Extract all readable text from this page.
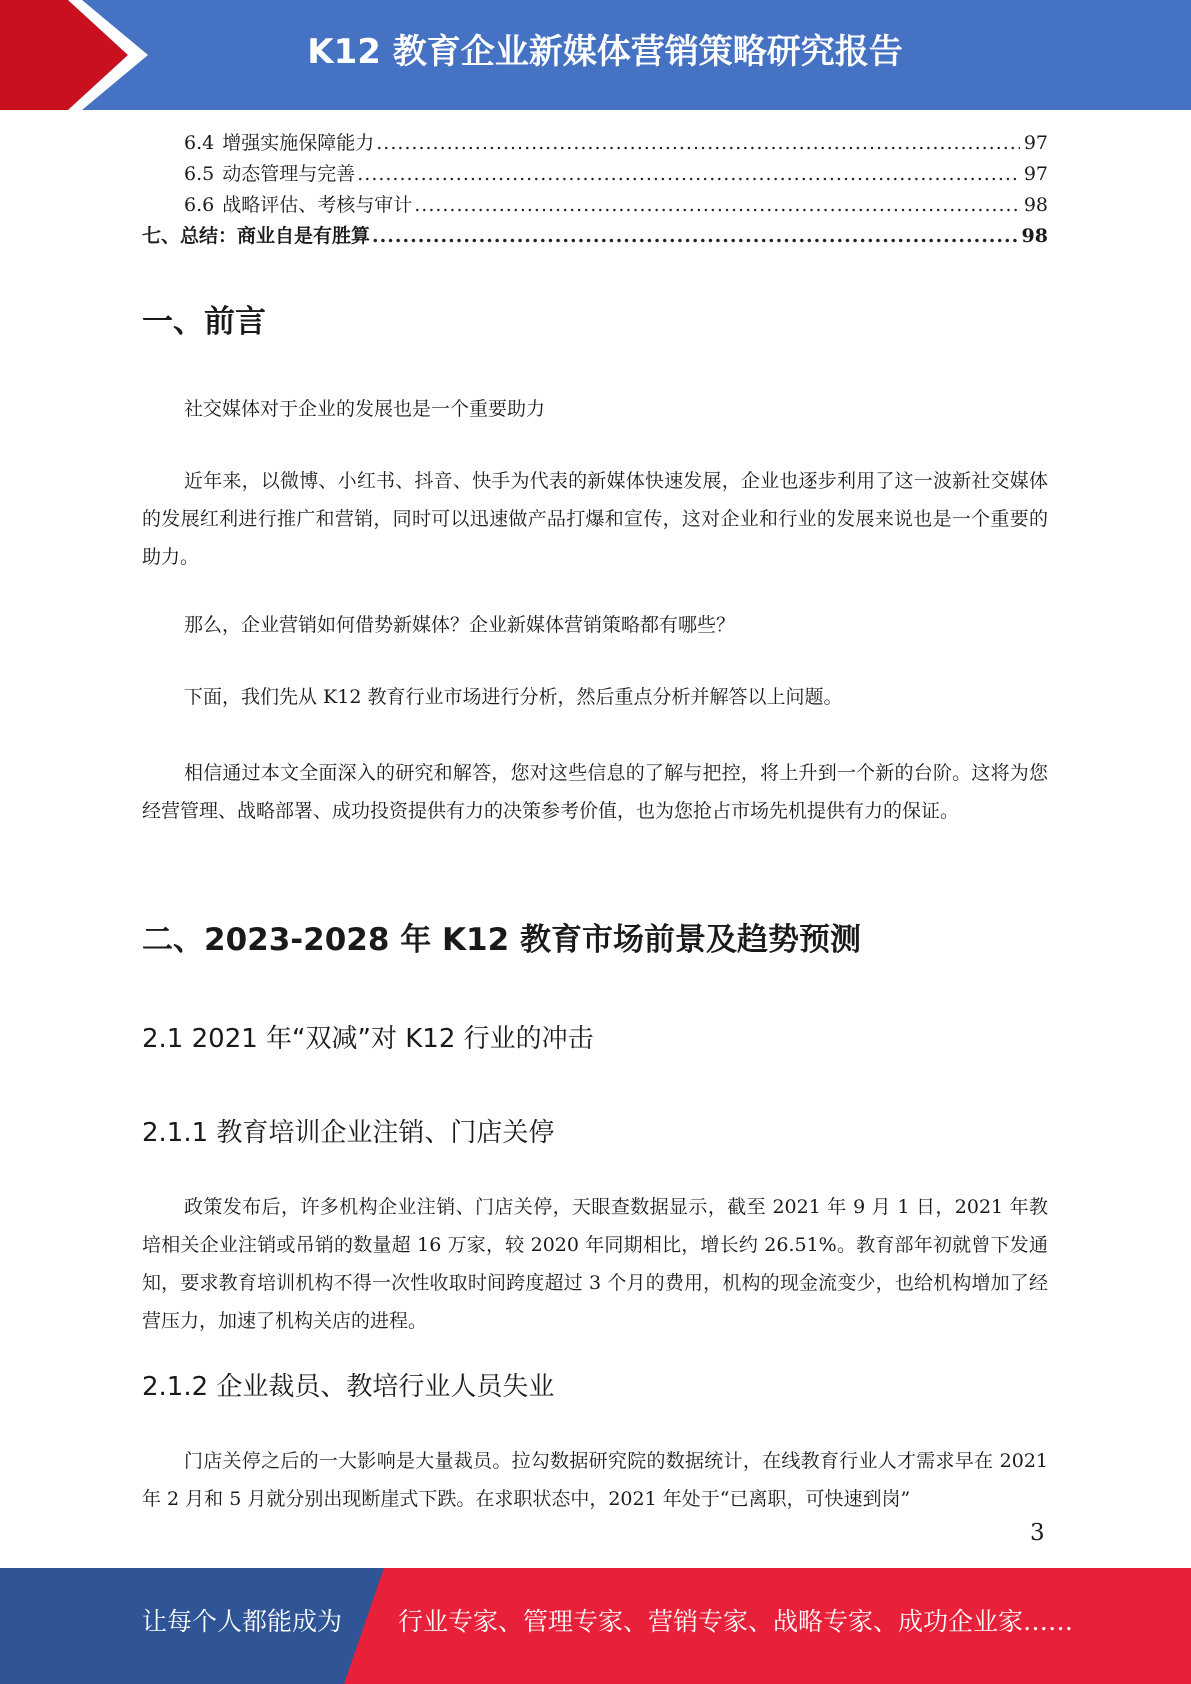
K12 教育企业新媒体营销策略研究报告
6.4 增强实施保障能力 .....	97
6.5 动态管理与完善 .....	97
6.6 战略评估、考核与审计 .....	98
七、总结：商业自是有胜算 .....	98
一、前言

社交媒体对于企业的发展也是一个重要助力

近年来，以微博、小红书、抖音、快手为代表的新媒体快速发展，企业也逐步利用了这一波新社交媒体的发展红利进行推广和营销，同时可以迅速做产品打爆和宣传，这对企业和行业的发展来说也是一个重要的助力。

那么，企业营销如何借势新媒体？企业新媒体营销策略都有哪些？

下面，我们先从 K12 教育行业市场进行分析，然后重点分析并解答以上问题。

相信通过本文全面深入的研究和解答，您对这些信息的了解与把控，将上升到一个新的台阶。这将为您经营管理、战略部署、成功投资提供有力的决策参考价值，也为您抢占市场先机提供有力的保证。

二、2023-2028 年 K12 教育市场前景及趋势预测
2.1 2021 年“双减”对 K12 行业的冲击
2.1.1 教育培训企业注销、门店关停

政策发布后，许多机构企业注销、门店关停，天眼查数据显示，截至 2021 年 9 月 1 日，2021 年教培相关企业注销或吊销的数量超 16 万家，较 2020 年同期相比，增长约 26.51%。教育部年初就曾下发通知，要求教育培训机构不得一次性收取时间跨度超过 3 个月的费用，机构的现金流变少，也给机构增加了经营压力，加速了机构关店的进程。

2.1.2 企业裁员、教培行业人员失业

门店关停之后的一大影响是大量裁员。拉勾数据研究院的数据统计，在线教育行业人才需求早在 2021 年 2 月和 5 月就分别出现断崖式下跌。在求职状态中，2021 年处于“已离职，可快速到岗”

3
让每个人都能成为 行业专家、管理专家、营销专家、战略专家、成功企业家……
